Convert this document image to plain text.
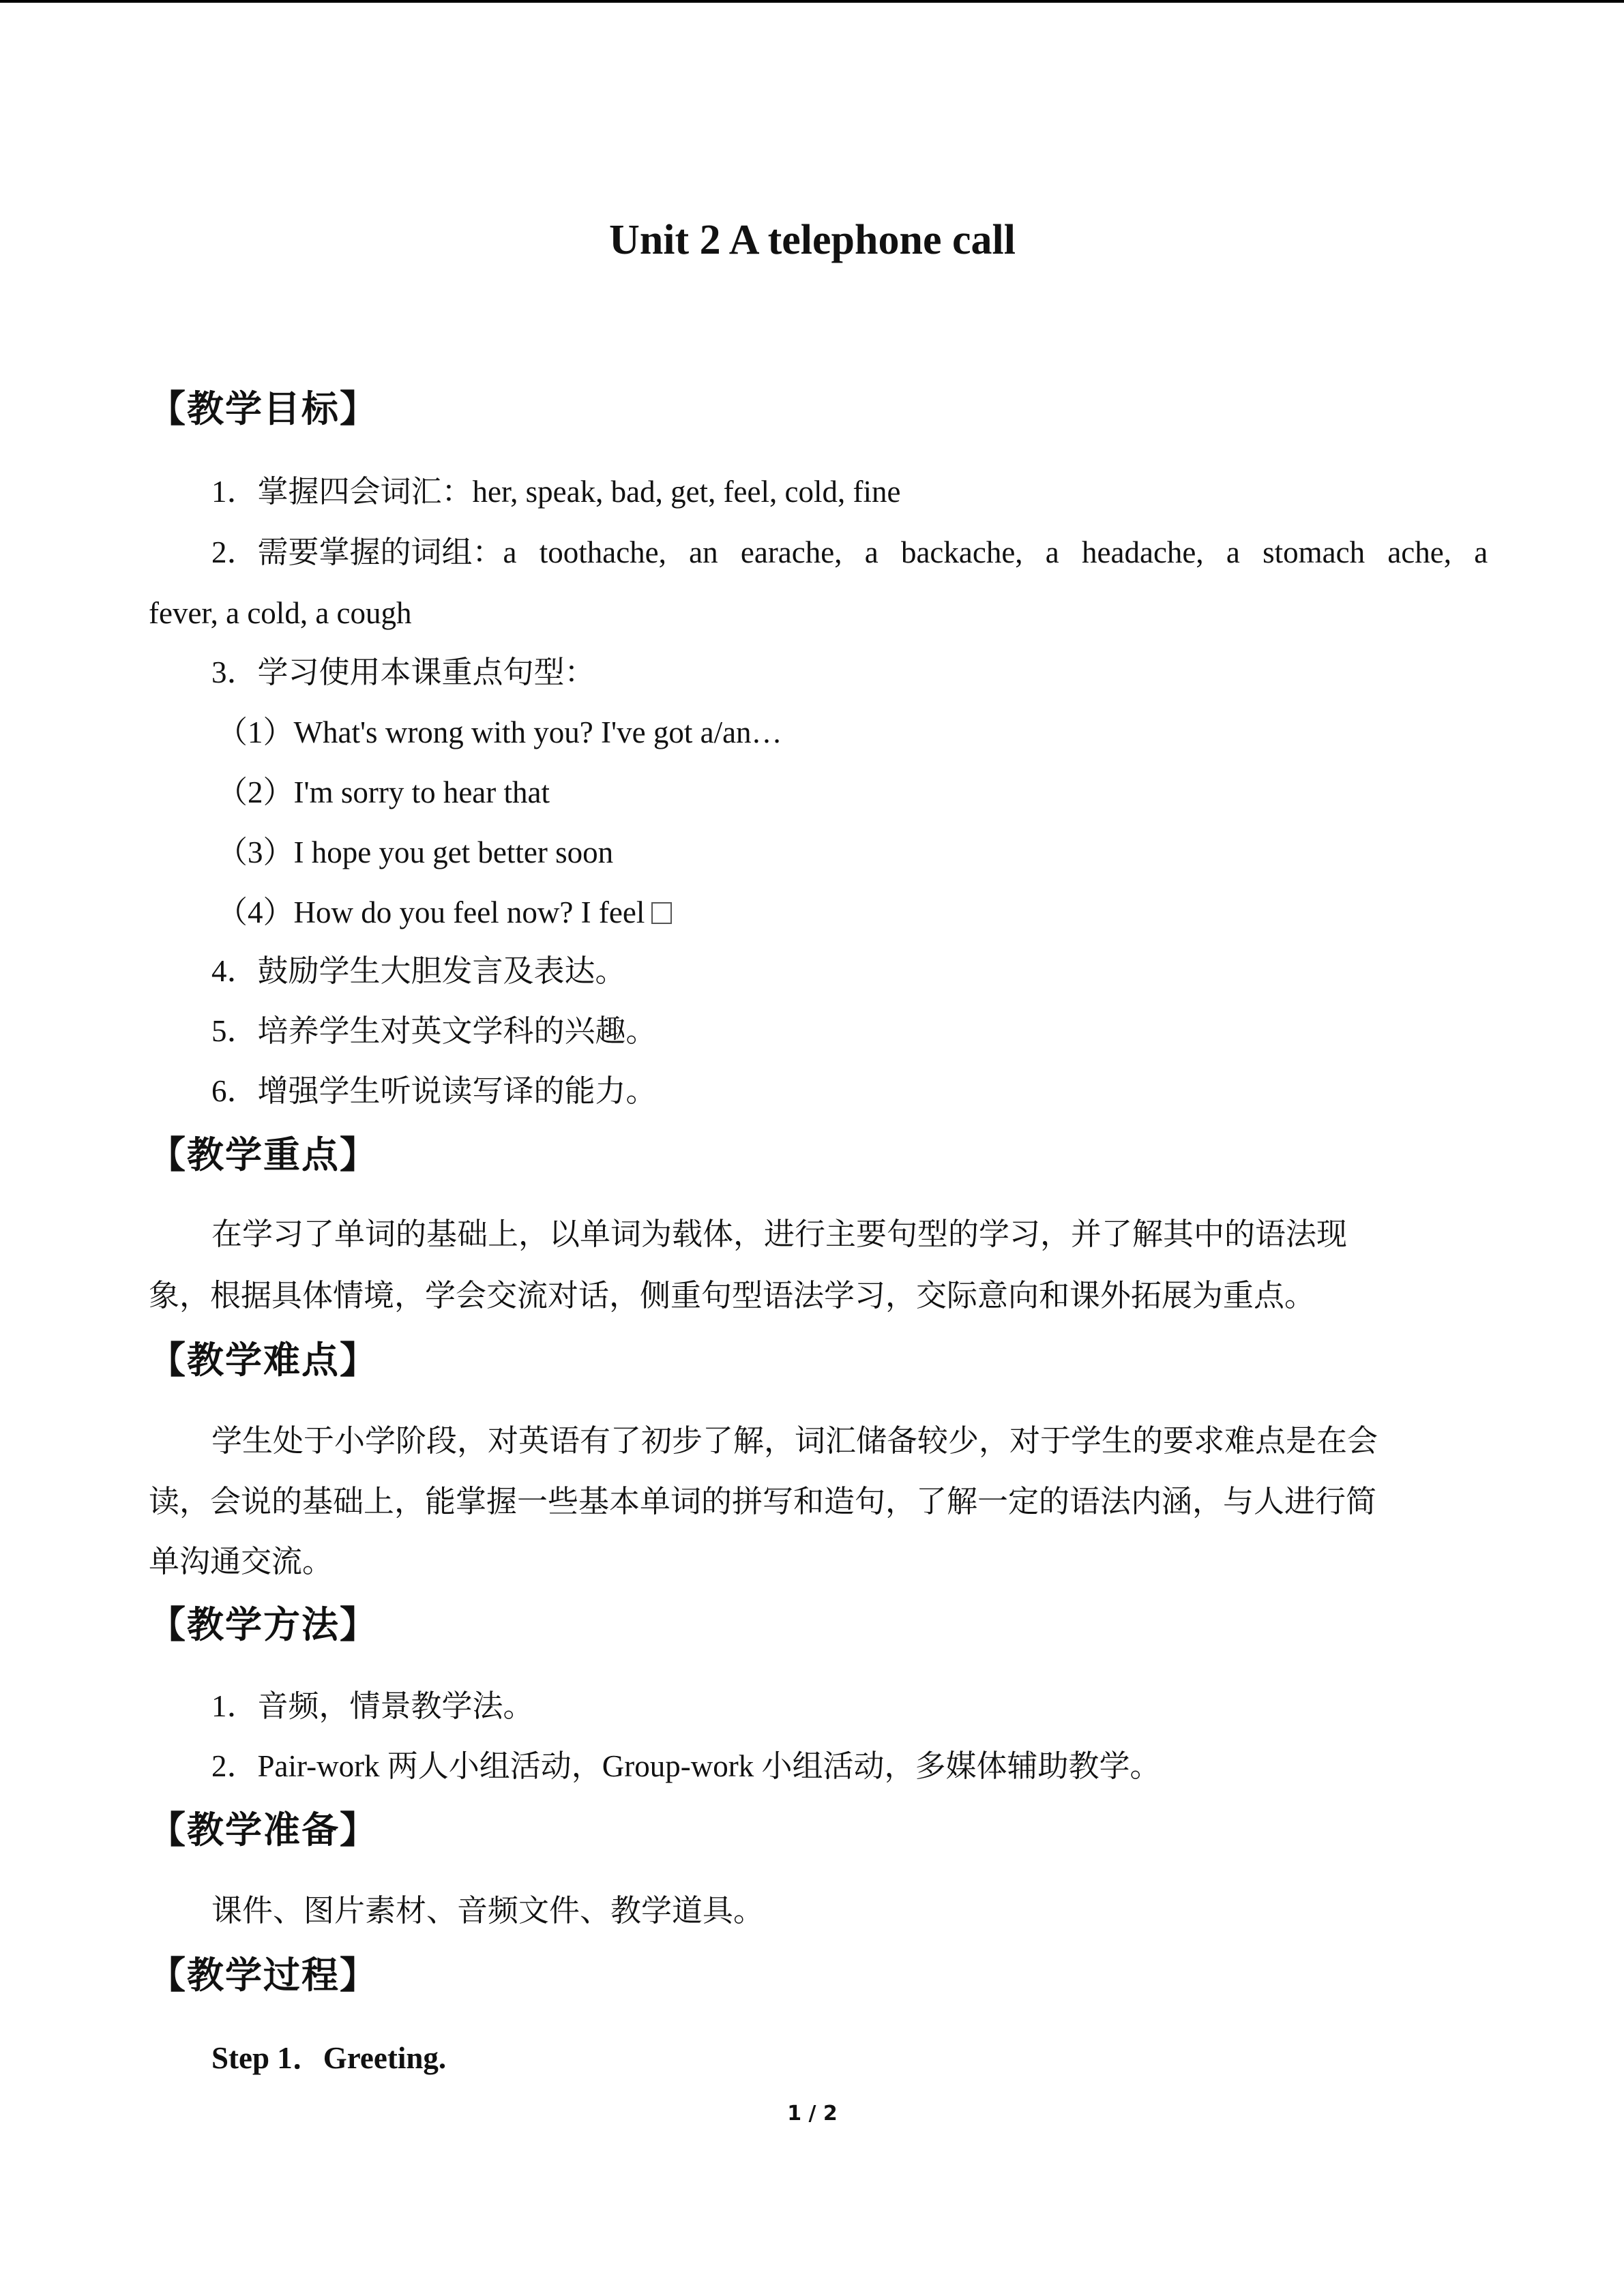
Unit 2 A telephone call
【教学目标】
1．掌握四会词汇：her, speak, bad, get, feel, cold, fine
2．需要掌握的词组：a toothache, an earache, a backache, a headache, a stomach ache, a
fever, a cold, a cough
3．学习使用本课重点句型：
（1）What's wrong with you? I've got a/an…
（2）I'm sorry to hear that
（3）I hope you get better soon
（4）How do you feel now? I feel
4．鼓励学生大胆发言及表达。
5．培养学生对英文学科的兴趣。
6．增强学生听说读写译的能力。
【教学重点】
在学习了单词的基础上，以单词为载体，进行主要句型的学习，并了解其中的语法现
象，根据具体情境，学会交流对话，侧重句型语法学习，交际意向和课外拓展为重点。
【教学难点】
学生处于小学阶段，对英语有了初步了解，词汇储备较少，对于学生的要求难点是在会
读，会说的基础上，能掌握一些基本单词的拼写和造句，了解一定的语法内涵，与人进行简
单沟通交流。
【教学方法】
1．音频，情景教学法。
2．Pair-work 两人小组活动，Group-work 小组活动，多媒体辅助教学。
【教学准备】
课件、图片素材、音频文件、教学道具。
【教学过程】
Step 1．Greeting.
1 / 2
